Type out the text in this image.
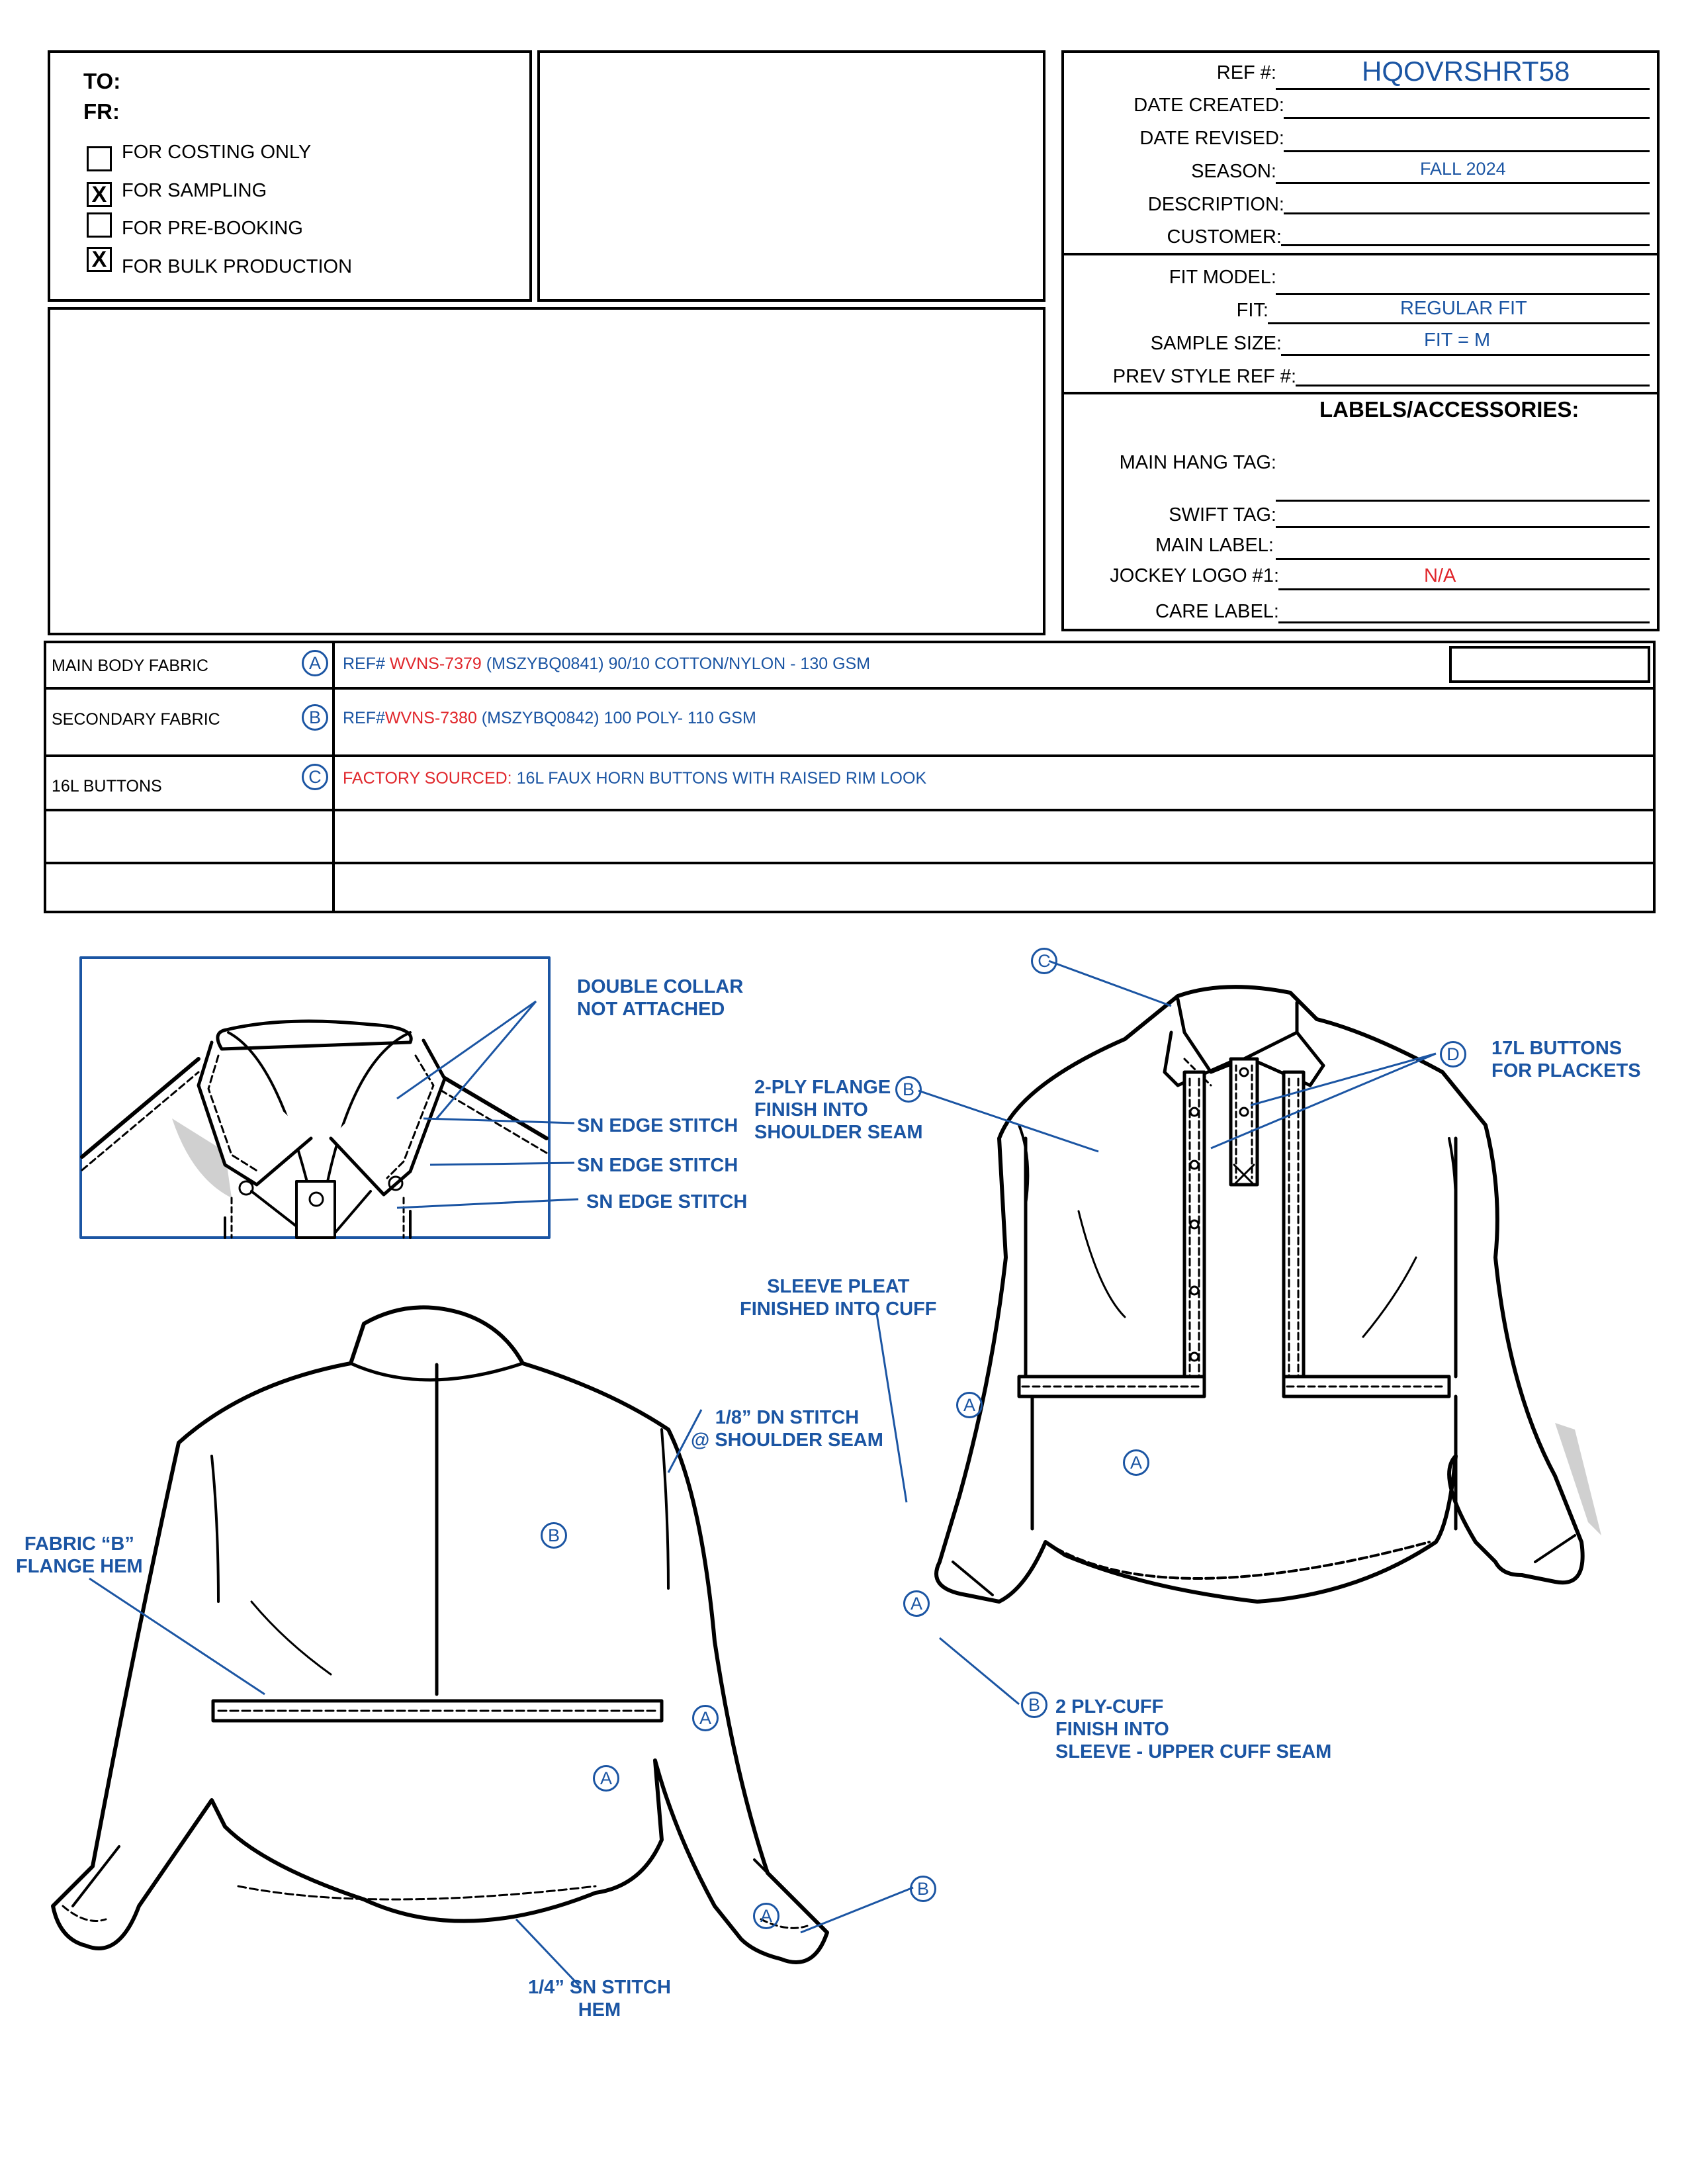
TO:
FR:
FOR COSTING ONLY
X FOR SAMPLING
FOR PRE-BOOKING
X FOR BULK PRODUCTION
REF #:	HQOVRSHRT58
DATE CREATED:
DATE REVISED:
SEASON:	FALL 2024
DESCRIPTION:
CUSTOMER:
FIT MODEL:
FIT:	REGULAR FIT
SAMPLE SIZE:	FIT = M
PREV STYLE REF #:
LABELS/ACCESSORIES:
MAIN HANG TAG:
SWIFT TAG:
MAIN LABEL:
JOCKEY LOGO #1:	N/A
CARE LABEL:
MAIN BODY FABRIC	A	REF# WVNS-7379 (MSZYBQ0841) 90/10 COTTON/NYLON - 130 GSM
SECONDARY FABRIC	B	REF#WVNS-7380 (MSZYBQ0842) 100 POLY- 110 GSM
16L BUTTONS	C	FACTORY SOURCED: 16L FAUX HORN BUTTONS WITH RAISED RIM LOOK
C
B
D
A
A
A
B
B
A
A
A
B
DOUBLE COLLAR
NOT ATTACHED
SN EDGE STITCH
SN EDGE STITCH
SN EDGE STITCH
2-PLY FLANGE
FINISH INTO
SHOULDER SEAM
17L BUTTONS
FOR PLACKETS
SLEEVE PLEAT
FINISHED INTO CUFF
1/8” DN STITCH
@ SHOULDER SEAM
FABRIC “B”
FLANGE HEM
2 PLY-CUFF
FINISH INTO
SLEEVE - UPPER CUFF SEAM
1/4” SN STITCH
HEM
